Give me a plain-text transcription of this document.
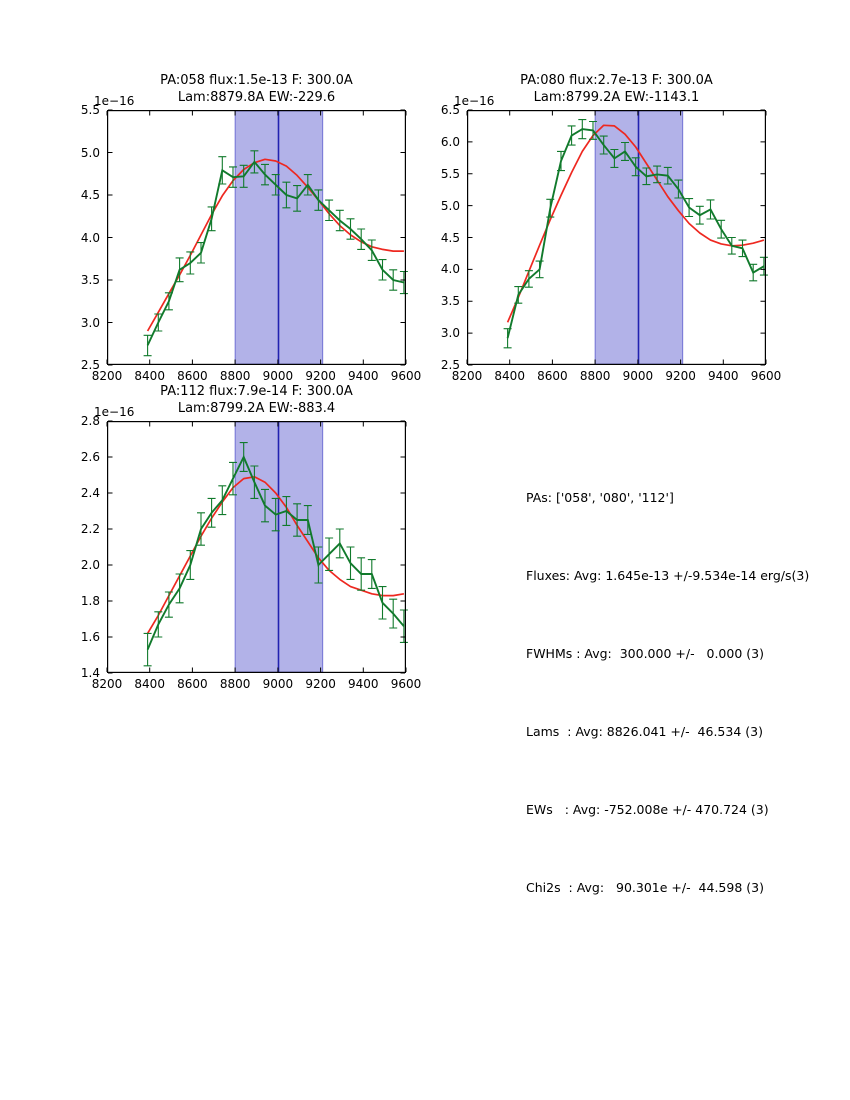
PA:058 flux:1.5e-13 F: 300.0A
Lam:8879.8A EW:-229.6
1e−16
8200 8400 8600 8800 9000 9200 9400 9600
2.5
3.0
3.5
4.0
4.5
5.0
5.5
PA:080 flux:2.7e-13 F: 300.0A
Lam:8799.2A EW:-1143.1
1e−16
8200 8400 8600 8800 9000 9200 9400 9600
2.5
3.0
3.5
4.0
4.5
5.0
5.5
6.0
6.5
PA:112 flux:7.9e-14 F: 300.0A
Lam:8799.2A EW:-883.4
1e−16
8200 8400 8600 8800 9000 9200 9400 9600
1.4
1.6
1.8
2.0
2.2
2.4
2.6
2.8

PAs: ['058', '080', '112']

Fluxes: Avg: 1.645e-13 +/-9.534e-14 erg/s(3)

FWHMs : Avg:  300.000 +/-   0.000 (3)

Lams  : Avg: 8826.041 +/-  46.534 (3)

EWs   : Avg: -752.008e +/- 470.724 (3)

Chi2s  : Avg:   90.301e +/-  44.598 (3)
